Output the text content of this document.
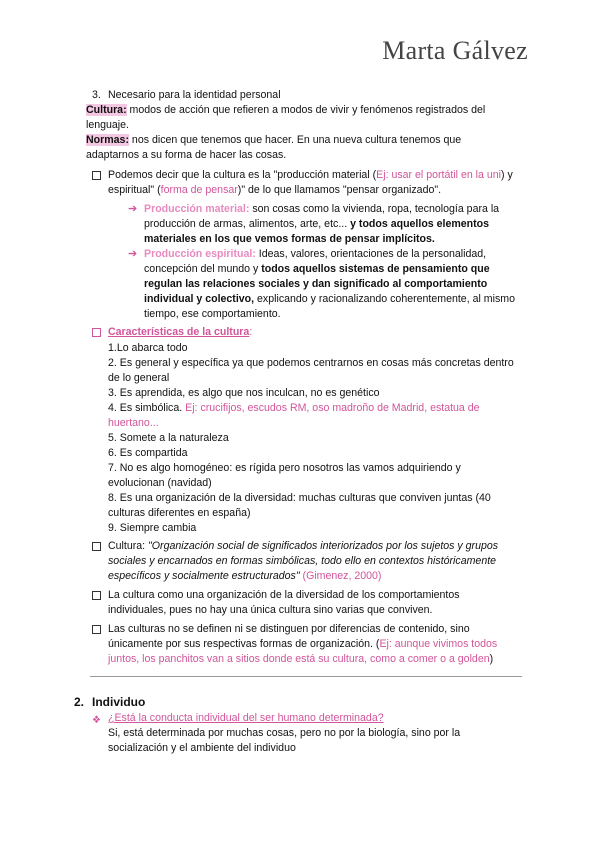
Marta Gálvez
3. Necesario para la identidad personal
Cultura: modos de acción que refieren a modos de vivir y fenómenos registrados del lenguaje.
Normas: nos dicen que tenemos que hacer. En una nueva cultura tenemos que adaptarnos a su forma de hacer las cosas.
Podemos decir que la cultura es la "producción material (Ej: usar el portátil en la uni) y espiritual" (forma de pensar)" de lo que llamamos "pensar organizado".
➔ Producción material: son cosas como la vivienda, ropa, tecnología para la producción de armas, alimentos, arte, etc... y todos aquellos elementos materiales en los que vemos formas de pensar implícitos.
➔ Producción espiritual: Ideas, valores, orientaciones de la personalidad, concepción del mundo y todos aquellos sistemas de pensamiento que regulan las relaciones sociales y dan significado al comportamiento individual y colectivo, explicando y racionalizando coherentemente, al mismo tiempo, ese comportamiento.
Características de la cultura:
1.Lo abarca todo
2. Es general y específica ya que podemos centrarnos en cosas más concretas dentro de lo general
3. Es aprendida, es algo que nos inculcan, no es genético
4. Es simbólica. Ej: crucifijos, escudos RM, oso madroño de Madrid, estatua de huertano...
5. Somete a la naturaleza
6. Es compartida
7. No es algo homogéneo: es rígida pero nosotros las vamos adquiriendo y evolucionan (navidad)
8. Es una organización de la diversidad: muchas culturas que conviven juntas (40 culturas diferentes en españa)
9. Siempre cambia
Cultura: "Organización social de significados interiorizados por los sujetos y grupos sociales y encarnados en formas simbólicas, todo ello en contextos históricamente específicos y socialmente estructurados" (Gimenez, 2000)
La cultura como una organización de la diversidad de los comportamientos individuales, pues no hay una única cultura sino varias que conviven.
Las culturas no se definen ni se distinguen por diferencias de contenido, sino únicamente por sus respectivas formas de organización. (Ej: aunque vivimos todos juntos, los panchitos van a sitios donde está su cultura, como a comer o a golden)
2. Individuo
❖ ¿Está la conducta individual del ser humano determinada?
Si, está determinada por muchas cosas, pero no por la biología, sino por la socialización y el ambiente del individuo
